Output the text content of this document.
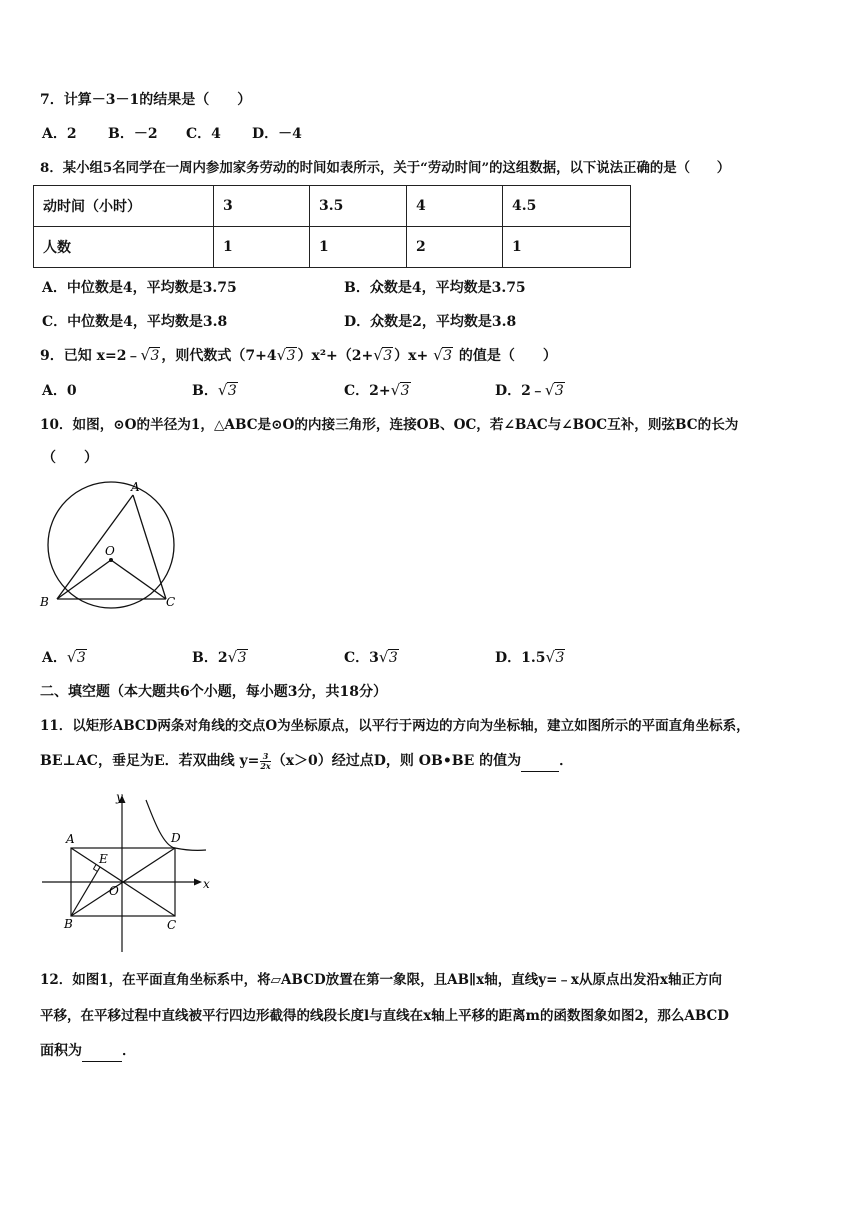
7．计算－3－1的结果是（　　）
A．2 B．－2 C．4 D．－4
8．某小组5名同学在一周内参加家务劳动的时间如表所示，关于“劳动时间”的这组数据，以下说法正确的是（　　）
动时间（小时）	3	3.5	4	4.5
人数	1	1	2	1
A．中位数是4，平均数是3.75	B．众数是4，平均数是3.75
C．中位数是4，平均数是3.8	D．众数是2，平均数是3.8
9．已知 x=2﹣ √ 3 ，则代数式（7+4 √ 3 ）x²+（2+ √ 3 ）x+ √ 3 的值是（　　）
A．0	B． √ 3	C．2+ √ 3	D．2﹣ √ 3
10．如图，⊙O的半径为1，△ABC是⊙O的内接三角形，连接OB、OC，若∠BAC与∠BOC互补，则弦BC的长为
（　　）
A
O
B	C
A． √ 3	B．2 √ 3	C．3 √ 3	D．1.5 √ 3
二、填空题（本大题共6个小题，每小题3分，共18分）
11．以矩形ABCD两条对角线的交点O为坐标原点，以平行于两边的方向为坐标轴，建立如图所示的平面直角坐标系，
BE⊥AC，垂足为E．若双曲线 $y= \frac{3}{2x} (x>0)$经过点D，则 OB•BE 的值为	．
y
x
A	D
B	C
E
O
12．如图1，在平面直角坐标系中，将▱ABCD放置在第一象限，且AB∥x轴，直线y=﹣x从原点出发沿x轴正方向
平移，在平移过程中直线被平行四边形截得的线段长度l与直线在x轴上平移的距离m的函数图象如图2，那么ABCD
面积为	．
